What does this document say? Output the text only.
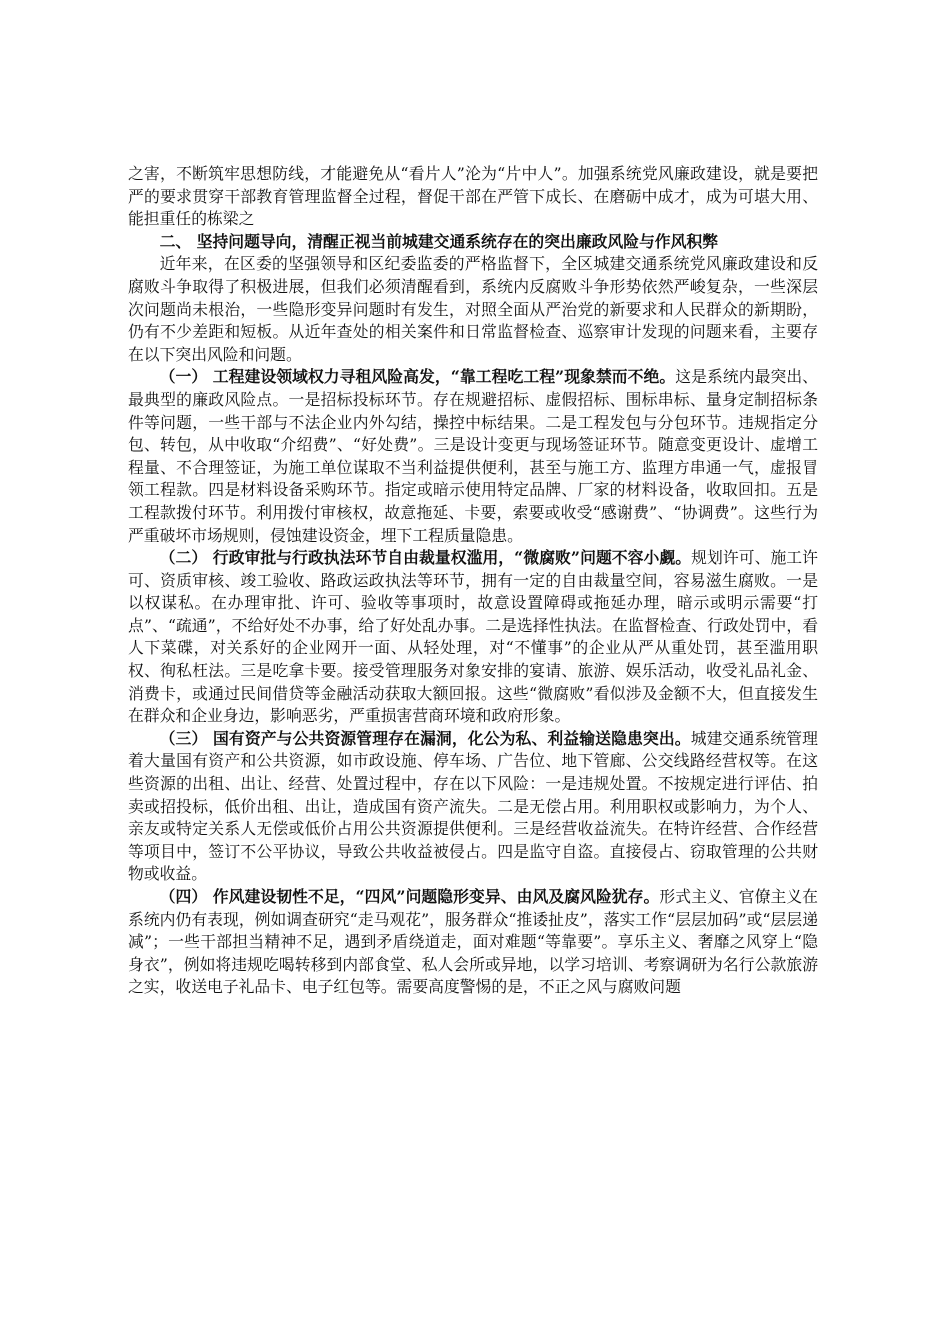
之害，不断筑牢思想防线，才能避免从“看片人”沦为“片中人”。加强系统党风廉政建设，就是要把严的要求贯穿干部教育管理监督全过程，督促干部在严管下成长、在磨砺中成才，成为可堪大用、能担重任的栋梁之

二、 坚持问题导向，清醒正视当前城建交通系统存在的突出廉政风险与作风积弊

近年来，在区委的坚强领导和区纪委监委的严格监督下，全区城建交通系统党风廉政建设和反腐败斗争取得了积极进展，但我们必须清醒看到，系统内反腐败斗争形势依然严峻复杂，一些深层次问题尚未根治，一些隐形变异问题时有发生，对照全面从严治党的新要求和人民群众的新期盼，仍有不少差距和短板。从近年查处的相关案件和日常监督检查、巡察审计发现的问题来看，主要存在以下突出风险和问题。

（一） 工程建设领域权力寻租风险高发，“靠工程吃工程”现象禁而不绝。这是系统内最突出、最典型的廉政风险点。一是招标投标环节。存在规避招标、虚假招标、围标串标、量身定制招标条件等问题，一些干部与不法企业内外勾结，操控中标结果。二是工程发包与分包环节。违规指定分包、转包，从中收取“介绍费”、“好处费”。三是设计变更与现场签证环节。随意变更设计、虚增工程量、不合理签证，为施工单位谋取不当利益提供便利，甚至与施工方、监理方串通一气，虚报冒领工程款。四是材料设备采购环节。指定或暗示使用特定品牌、厂家的材料设备，收取回扣。五是工程款拨付环节。利用拨付审核权，故意拖延、卡要，索要或收受“感谢费”、“协调费”。这些行为严重破坏市场规则，侵蚀建设资金，埋下工程质量隐患。

（二） 行政审批与行政执法环节自由裁量权滥用，“微腐败”问题不容小觑。规划许可、施工许可、资质审核、竣工验收、路政运政执法等环节，拥有一定的自由裁量空间，容易滋生腐败。一是以权谋私。在办理审批、许可、验收等事项时，故意设置障碍或拖延办理，暗示或明示需要“打点”、“疏通”，不给好处不办事，给了好处乱办事。二是选择性执法。在监督检查、行政处罚中，看人下菜碟，对关系好的企业网开一面、从轻处理，对“不懂事”的企业从严从重处罚，甚至滥用职权、徇私枉法。三是吃拿卡要。接受管理服务对象安排的宴请、旅游、娱乐活动，收受礼品礼金、消费卡，或通过民间借贷等金融活动获取大额回报。这些“微腐败”看似涉及金额不大，但直接发生在群众和企业身边，影响恶劣，严重损害营商环境和政府形象。

（三） 国有资产与公共资源管理存在漏洞，化公为私、利益输送隐患突出。城建交通系统管理着大量国有资产和公共资源，如市政设施、停车场、广告位、地下管廊、公交线路经营权等。在这些资源的出租、出让、经营、处置过程中，存在以下风险：一是违规处置。不按规定进行评估、拍卖或招投标，低价出租、出让，造成国有资产流失。二是无偿占用。利用职权或影响力，为个人、亲友或特定关系人无偿或低价占用公共资源提供便利。三是经营收益流失。在特许经营、合作经营等项目中，签订不公平协议，导致公共收益被侵占。四是监守自盗。直接侵占、窃取管理的公共财物或收益。

（四） 作风建设韧性不足，“四风”问题隐形变异、由风及腐风险犹存。形式主义、官僚主义在系统内仍有表现，例如调查研究“走马观花”，服务群众“推诿扯皮”，落实工作“层层加码”或“层层递减”；一些干部担当精神不足，遇到矛盾绕道走，面对难题“等靠要”。享乐主义、奢靡之风穿上“隐身衣”，例如将违规吃喝转移到内部食堂、私人会所或异地，以学习培训、考察调研为名行公款旅游之实，收送电子礼品卡、电子红包等。需要高度警惕的是，不正之风与腐败问题
